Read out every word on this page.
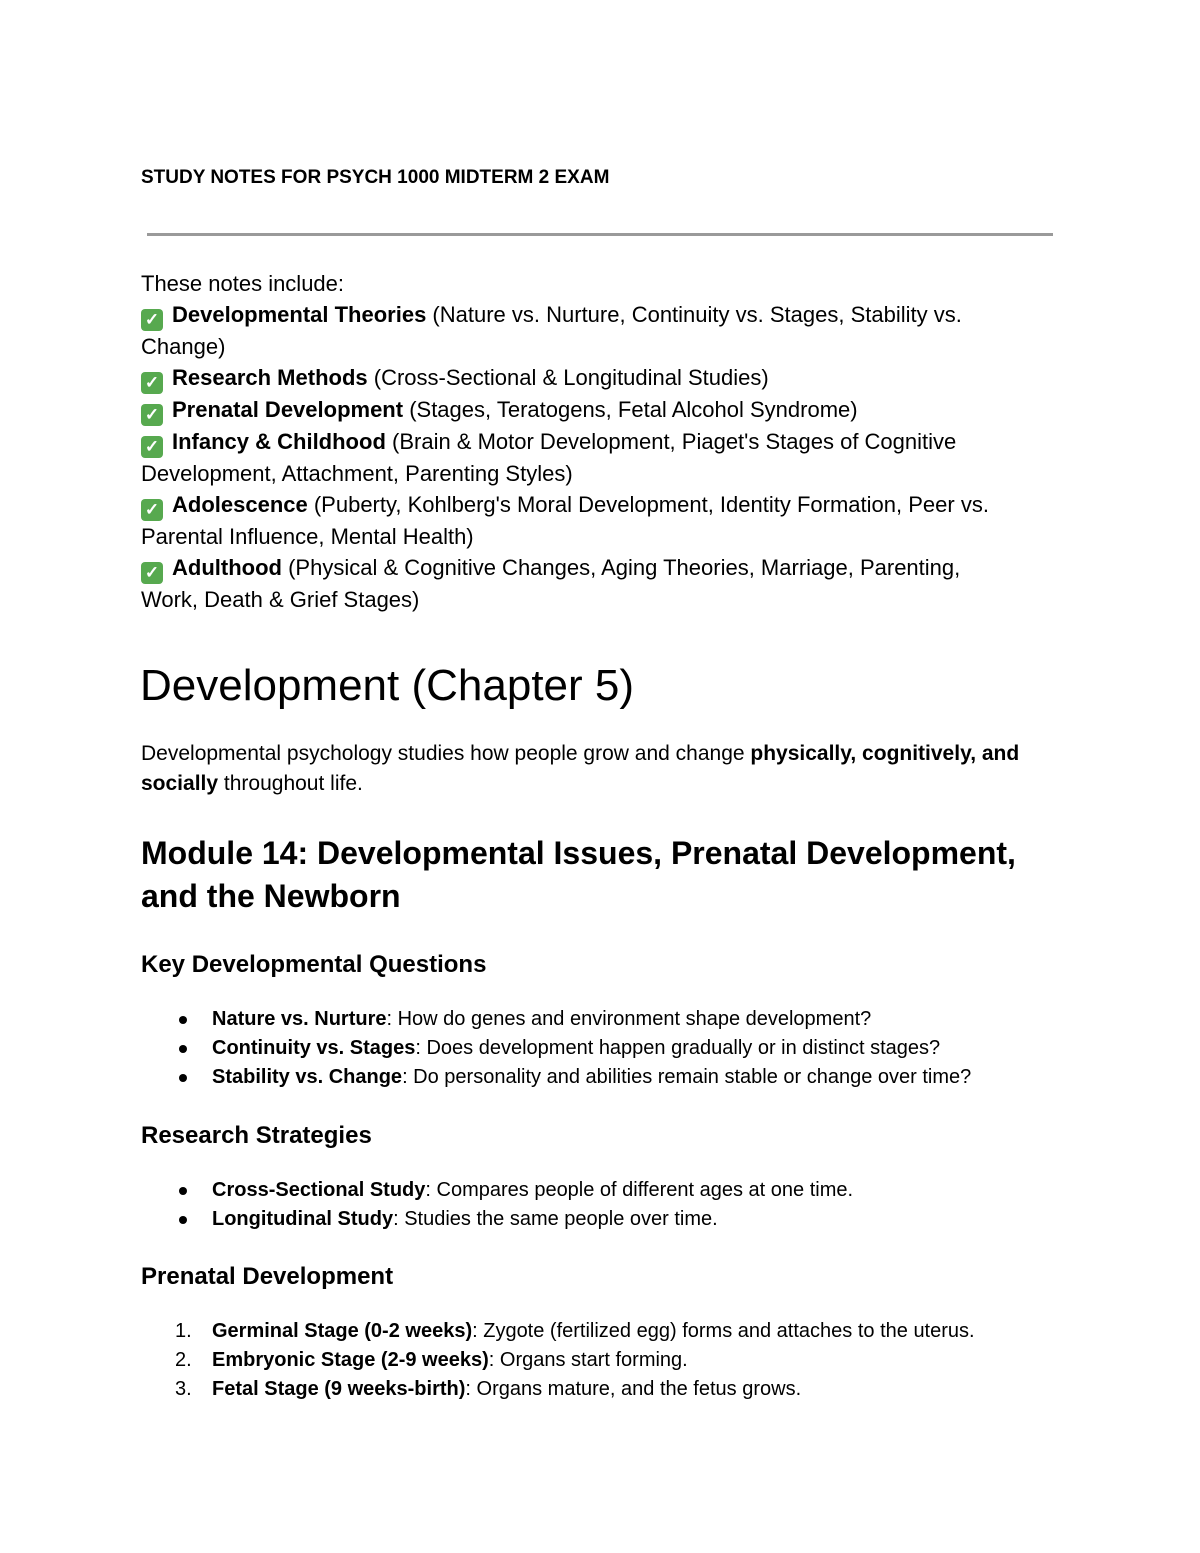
STUDY NOTES FOR PSYCH 1000 MIDTERM 2 EXAM

These notes include:

✓ Developmental Theories (Nature vs. Nurture, Continuity vs. Stages, Stability vs.
Change)

✓ Research Methods (Cross-Sectional & Longitudinal Studies)

✓ Prenatal Development (Stages, Teratogens, Fetal Alcohol Syndrome)

✓ Infancy & Childhood (Brain & Motor Development, Piaget's Stages of Cognitive
Development, Attachment, Parenting Styles)

✓ Adolescence (Puberty, Kohlberg's Moral Development, Identity Formation, Peer vs.
Parental Influence, Mental Health)

✓ Adulthood (Physical & Cognitive Changes, Aging Theories, Marriage, Parenting,
Work, Death & Grief Stages)

Development (Chapter 5)

Developmental psychology studies how people grow and change physically, cognitively, and socially throughout life.

Module 14: Developmental Issues, Prenatal Development,
and the Newborn
Key Developmental Questions
Nature vs. Nurture: How do genes and environment shape development?
Continuity vs. Stages: Does development happen gradually or in distinct stages?
Stability vs. Change: Do personality and abilities remain stable or change over time?
Research Strategies
Cross-Sectional Study: Compares people of different ages at one time.
Longitudinal Study: Studies the same people over time.
Prenatal Development
1. Germinal Stage (0-2 weeks): Zygote (fertilized egg) forms and attaches to the uterus.
2. Embryonic Stage (2-9 weeks): Organs start forming.
3. Fetal Stage (9 weeks-birth): Organs mature, and the fetus grows.
